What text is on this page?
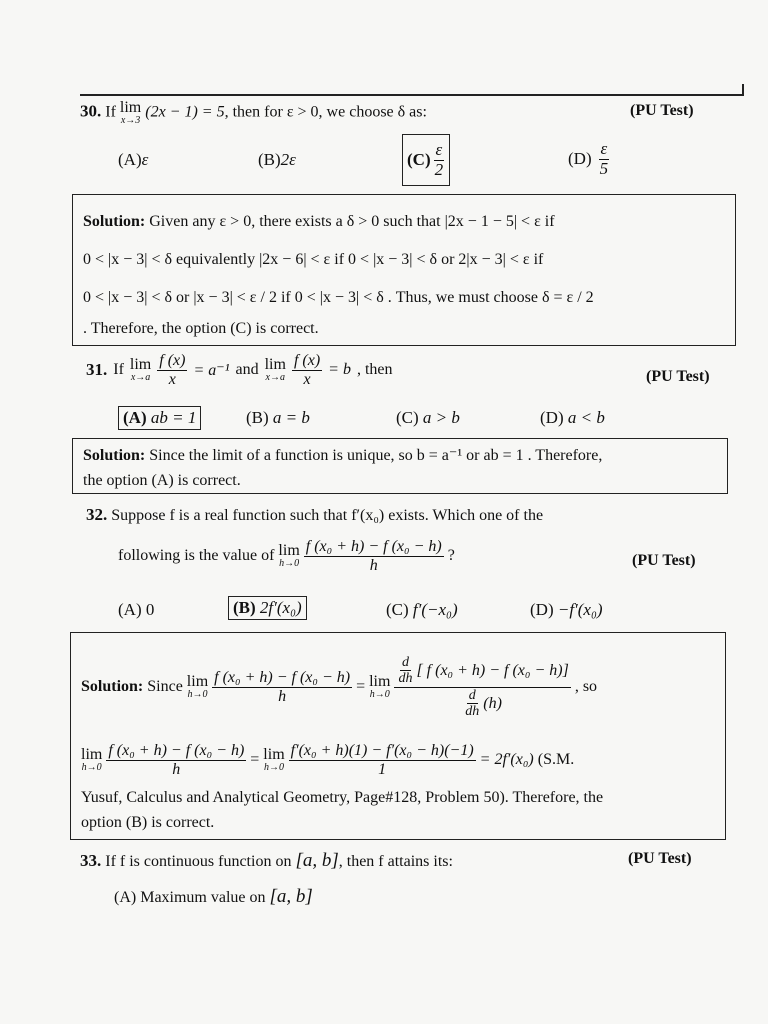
30. If lim
x→3 (2x − 1) = 5, then for ε > 0, we choose δ as:	(PU Test)
(A)ε	(B)2ε	$(C) \frac{\varepsilon}{2}$	$(D) \frac{\varepsilon}{5}$
Solution: Given any ε > 0, there exists a δ > 0 such that |2x − 1 − 5| < ε if
0 < |x − 3| < δ equivalently |2x − 6| < ε if 0 < |x − 3| < δ or 2|x − 3| < ε if
0 < |x − 3| < δ or |x − 3| < ε / 2 if 0 < |x − 3| < δ . Thus, we must choose δ = ε / 2
. Therefore, the option (C) is correct.
31. If lim
$x\to a \frac{f (x)}{x} = a^{-1}$ and lim
$x\to a \frac{f (x)}{x} = b$ , then	(PU Test)
(A) ab = 1	(B) a = b	(C) a > b	(D) a < b
Solution: Since the limit of a function is unique, so b = a⁻¹ or ab = 1 . Therefore,
the option (A) is correct.
32. Suppose f is a real function such that f′(x₀) exists. Which one of the
following is the value of lim
$h\to 0 \frac{\text{f (x₀ + h) − f (x₀ − h)}}{h}$ ?	(PU Test)
(A) 0	(B) 2f′(x₀)	(C) f′(−x₀)	(D) −f′(x₀)
Solution: Since lim
$h\to 0 \frac{\text{f (x₀ + h) − f (x₀ − h)}}{h} = \lim$
$h\to 0 \frac{\frac{d}{dh} [ f (x_0 + h) - f (x_0 - h)]}{\frac{d}{dh} (h)}$ , so
lim
$h\to 0 \frac{\text{f (x₀ + h) − f (x₀ − h)}}{h} = \lim$
$h\to 0 \frac{\text{f′(x₀ + h)(1) − f′(x₀ − h)(−1)}}{1} = 2f'(x_0)$ (S.M.
Yusuf, Calculus and Analytical Geometry, Page#128, Problem 50). Therefore, the
option (B) is correct.
33. If f is continuous function on [a, b], then f attains its:	(PU Test)
(A) Maximum value on [a, b]
